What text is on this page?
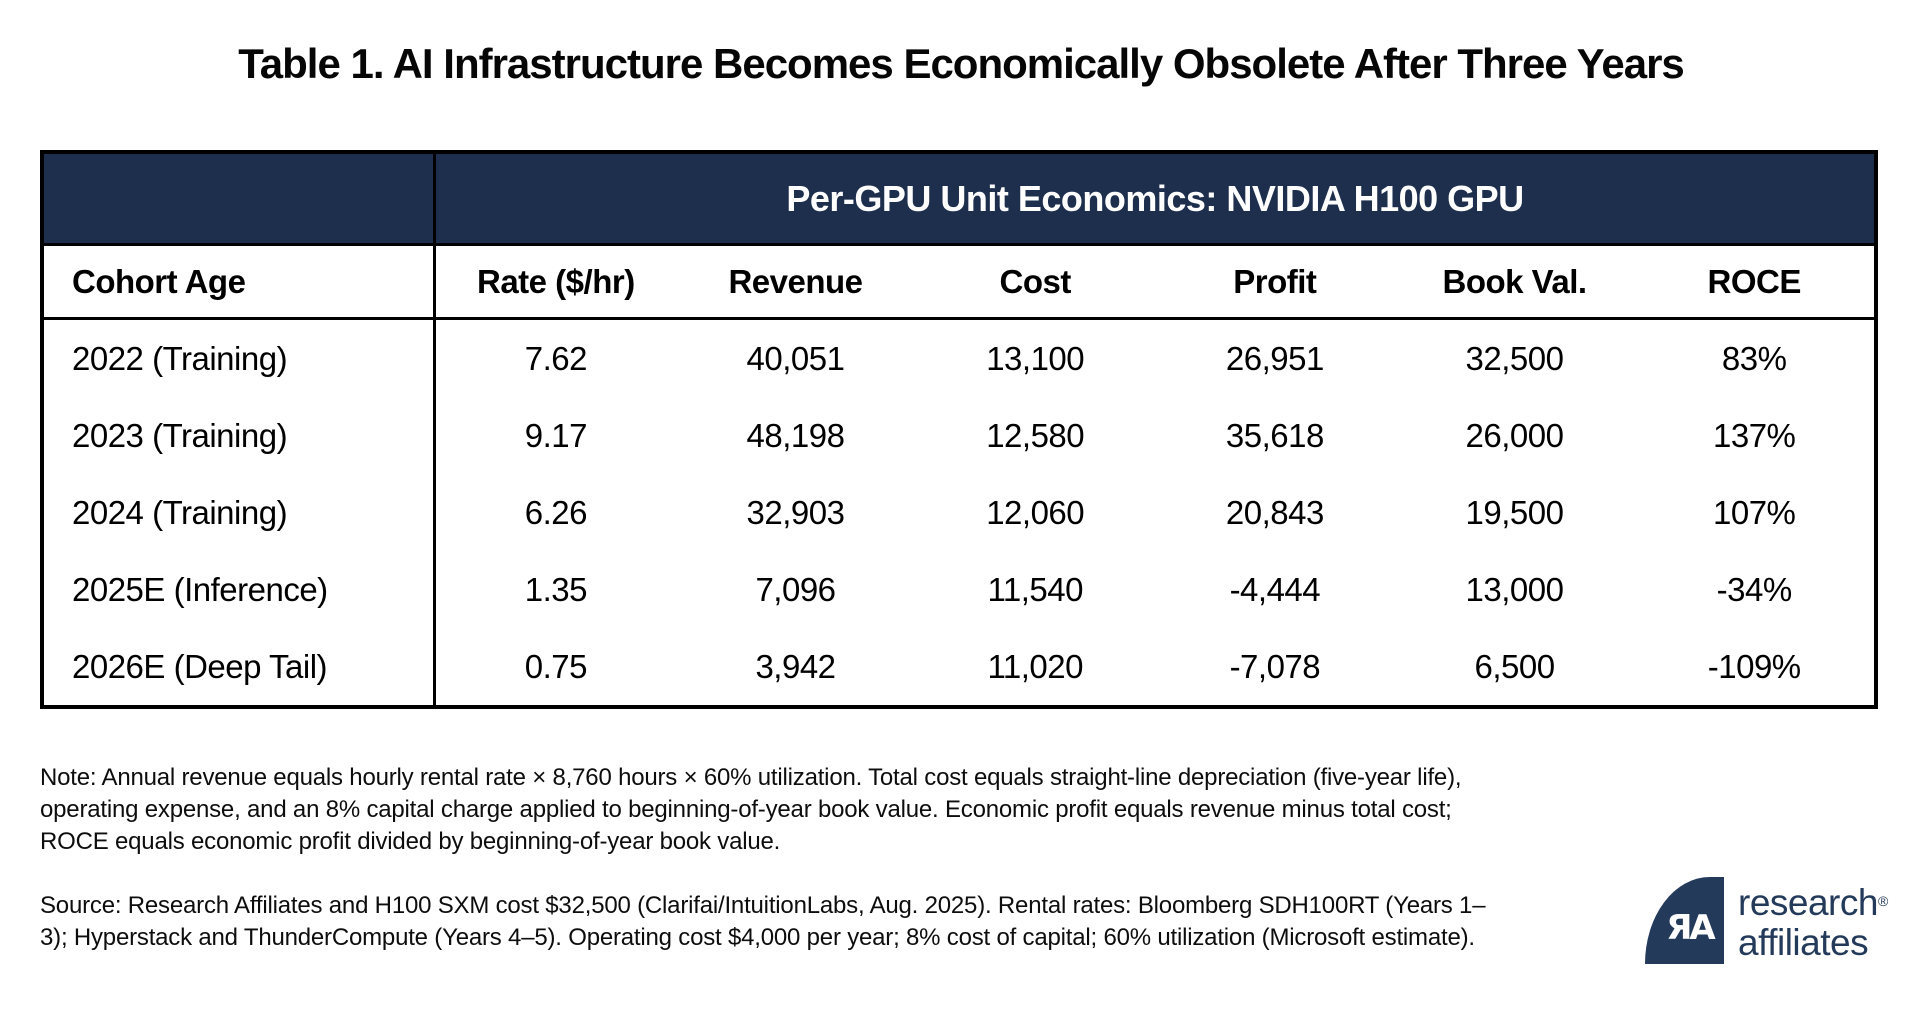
Table 1. AI Infrastructure Becomes Economically Obsolete After Three Years
Per-GPU Unit Economics: NVIDIA H100 GPU
Cohort Age	Rate ($/hr)	Revenue	Cost	Profit	Book Val.	ROCE
2022 (Training)	7.62	40,051	13,100	26,951	32,500	83%
2023 (Training)	9.17	48,198	12,580	35,618	26,000	137%
2024 (Training)	6.26	32,903	12,060	20,843	19,500	107%
2025E (Inference)	1.35	7,096	11,540	-4,444	13,000	-34%
2026E (Deep Tail)	0.75	3,942	11,020	-7,078	6,500	-109%
Note: Annual revenue equals hourly rental rate × 8,760 hours × 60% utilization. Total cost equals straight-line depreciation (five-year life), operating expense, and an 8% capital charge applied to beginning-of-year book value. Economic profit equals revenue minus total cost; ROCE equals economic profit divided by beginning-of-year book value.
Source: Research Affiliates and H100 SXM cost $32,500 (Clarifai/IntuitionLabs, Aug. 2025). Rental rates: Bloomberg SDH100RT (Years 1–3); Hyperstack and ThunderCompute (Years 4–5). Operating cost $4,000 per year; 8% cost of capital; 60% utilization (Microsoft estimate).	ЯA
research®
affiliates
